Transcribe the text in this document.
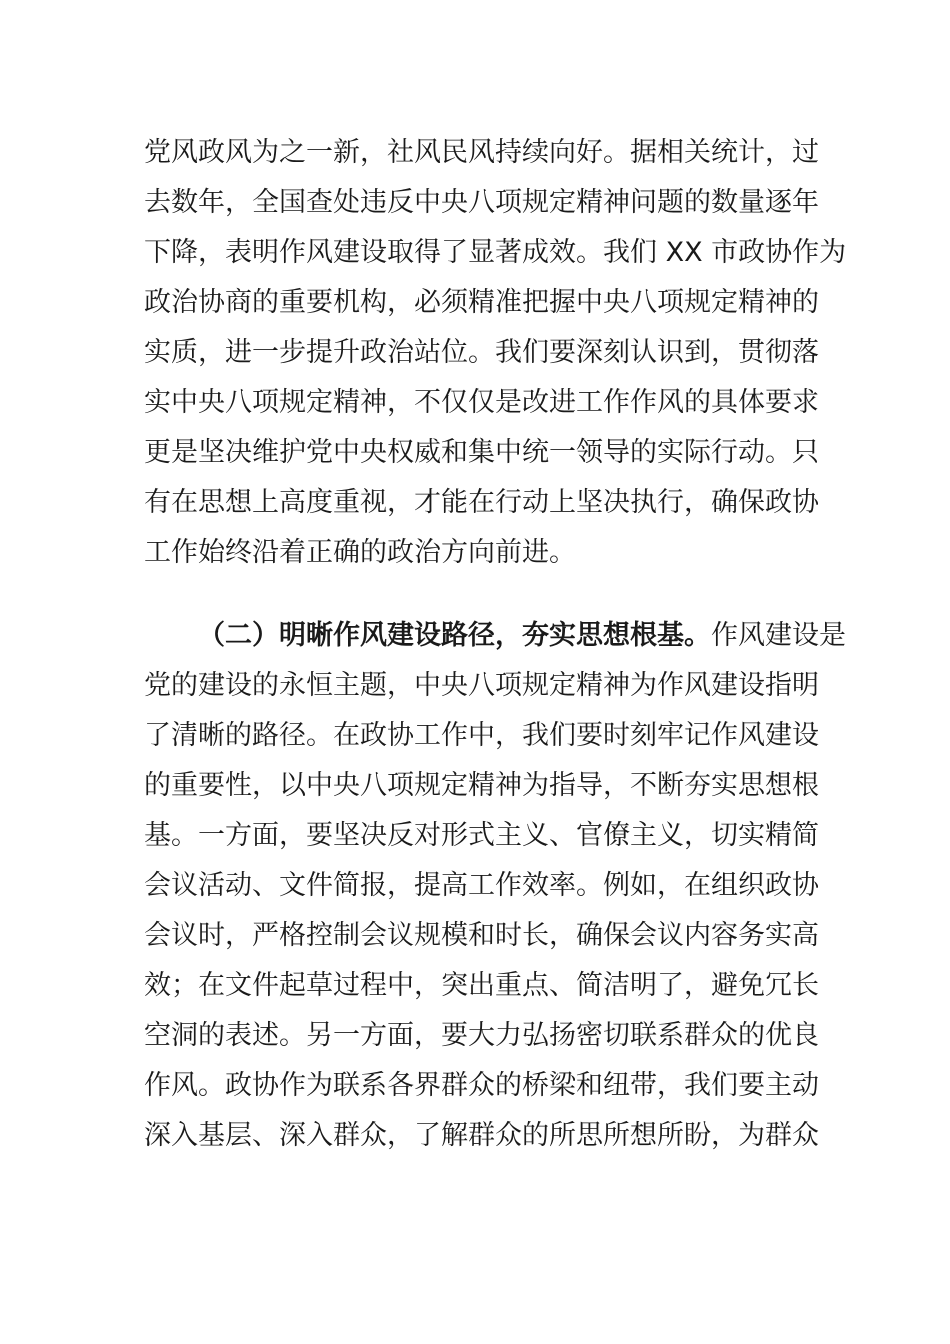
党风政风为之一新，社风民风持续向好。据相关统计，过
去数年，全国查处违反中央八项规定精神问题的数量逐年
下降，表明作风建设取得了显著成效。我们 XX 市政协作为
政治协商的重要机构，必须精准把握中央八项规定精神的
实质，进一步提升政治站位。我们要深刻认识到，贯彻落
实中央八项规定精神，不仅仅是改进工作作风的具体要求
更是坚决维护党中央权威和集中统一领导的实际行动。只
有在思想上高度重视，才能在行动上坚决执行，确保政协
工作始终沿着正确的政治方向前进。
（二）明晰作风建设路径，夯实思想根基。作风建设是
党的建设的永恒主题，中央八项规定精神为作风建设指明
了清晰的路径。在政协工作中，我们要时刻牢记作风建设
的重要性，以中央八项规定精神为指导，不断夯实思想根
基。一方面，要坚决反对形式主义、官僚主义，切实精简
会议活动、文件简报，提高工作效率。例如，在组织政协
会议时，严格控制会议规模和时长，确保会议内容务实高
效；在文件起草过程中，突出重点、简洁明了，避免冗长
空洞的表述。另一方面，要大力弘扬密切联系群众的优良
作风。政协作为联系各界群众的桥梁和纽带，我们要主动
深入基层、深入群众，了解群众的所思所想所盼，为群众
